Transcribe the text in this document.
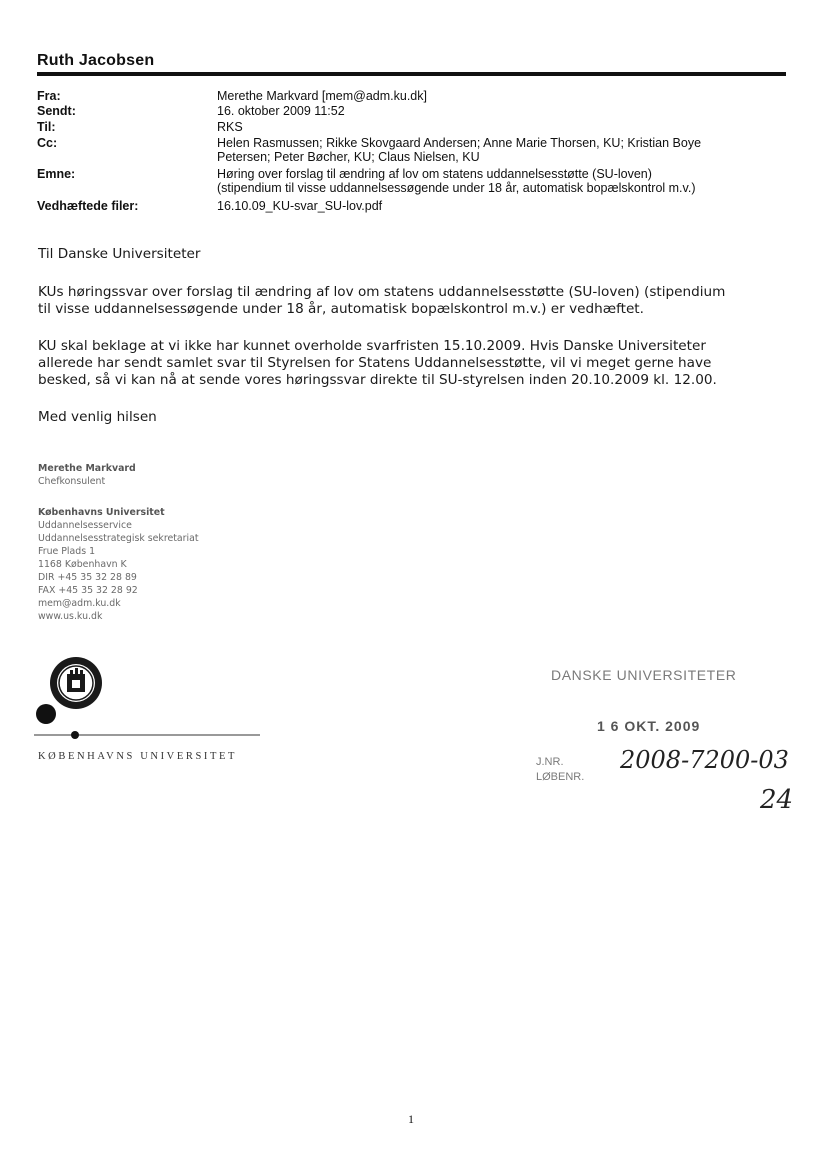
Ruth Jacobsen
Fra:	Merethe Markvard [mem@adm.ku.dk]
Sendt:	16. oktober 2009 11:52
Til:	RKS
Cc:	Helen Rasmussen; Rikke Skovgaard Andersen; Anne Marie Thorsen, KU; Kristian Boye
Petersen; Peter Bøcher, KU; Claus Nielsen, KU
Emne:	Høring over forslag til ændring af lov om statens uddannelsesstøtte (SU-loven)
(stipendium til visse uddannelsessøgende under 18 år, automatisk bopælskontrol m.v.)
Vedhæftede filer:	16.10.09_KU-svar_SU-lov.pdf
Til Danske Universiteter
KUs høringssvar over forslag til ændring af lov om statens uddannelsesstøtte (SU-loven) (stipendium
til visse uddannelsessøgende under 18 år, automatisk bopælskontrol m.v.) er vedhæftet.
KU skal beklage at vi ikke har kunnet overholde svarfristen 15.10.2009. Hvis Danske Universiteter
allerede har sendt samlet svar til Styrelsen for Statens Uddannelsesstøtte, vil vi meget gerne have
besked, så vi kan nå at sende vores høringssvar direkte til SU-styrelsen inden 20.10.2009 kl. 12.00.
Med venlig hilsen
Merethe Markvard
Chefkonsulent
Københavns Universitet
Uddannelsesservice
Uddannelsesstrategisk sekretariat
Frue Plads 1
1168 København K
DIR +45 35 32 28 89
FAX +45 35 32 28 92
mem@adm.ku.dk
www.us.ku.dk
KØBENHAVNS UNIVERSITET
DANSKE UNIVERSITETER
1 6 OKT. 2009
J.NR.
LØBENR.
2008-7200-03
24
1
